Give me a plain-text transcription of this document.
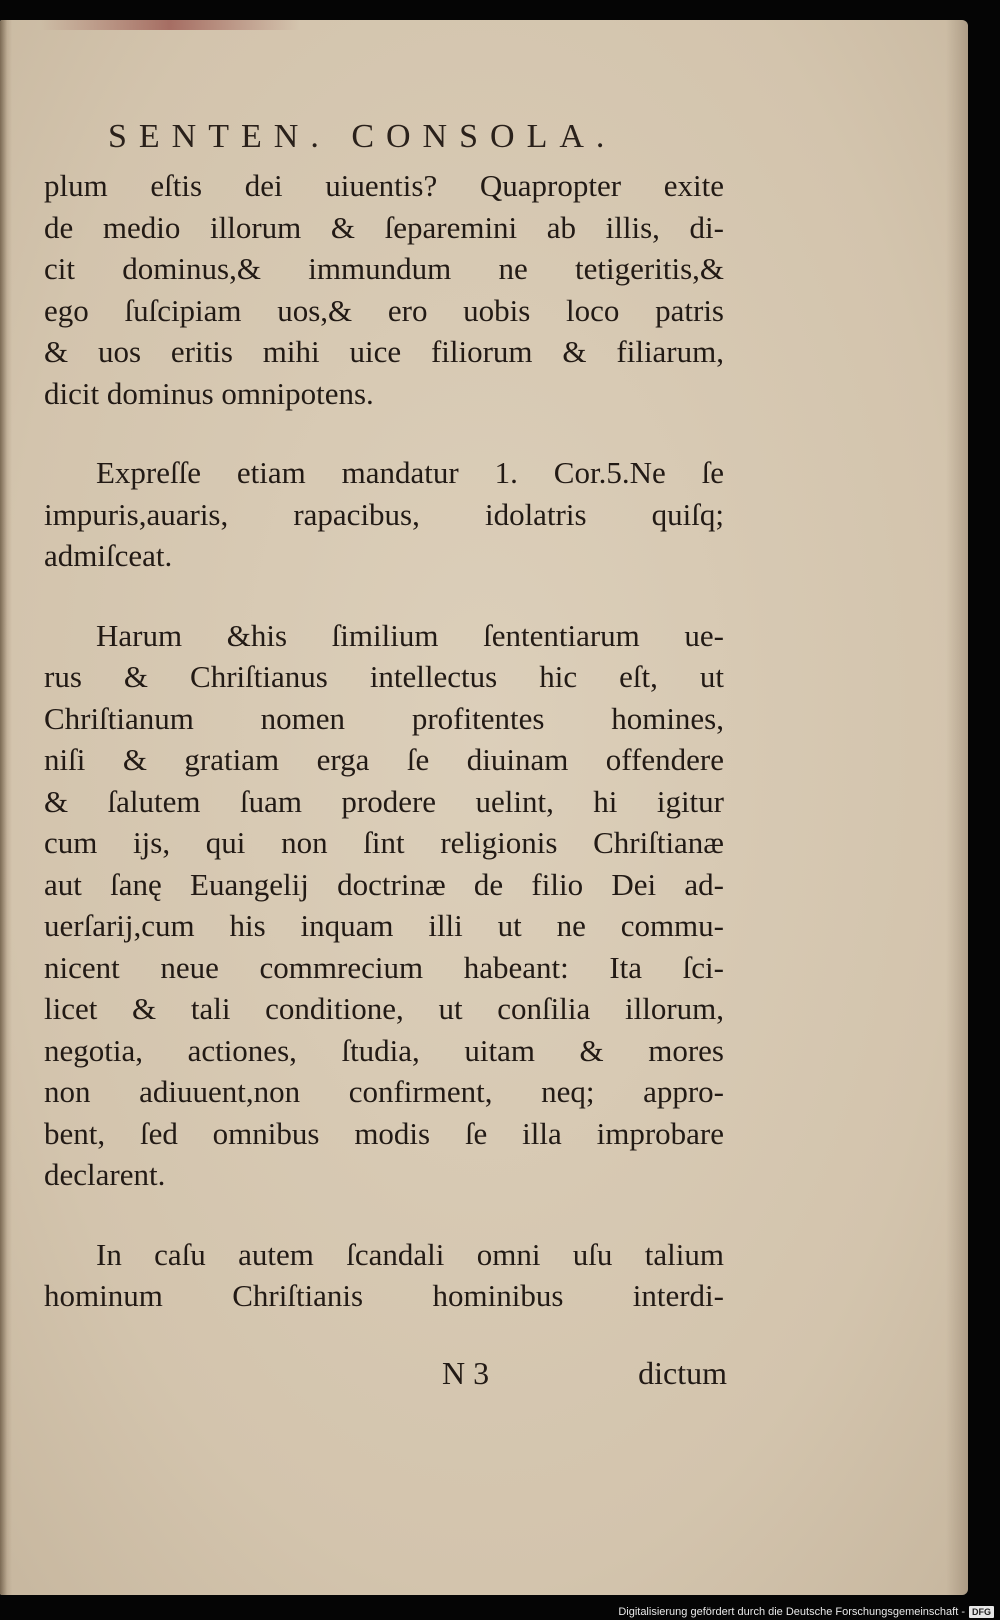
SENTEN. CONSOLA.
plum eſtis dei uiuentis? Quapropter exite
de medio illorum & ſeparemini ab illis, di-
cit dominus,& immundum ne tetigeritis,&
ego ſuſcipiam uos,& ero uobis loco patris
& uos eritis mihi uice filiorum & filiarum,
dicit dominus omnipotens.
Expreſſe etiam mandatur 1. Cor.5.Ne ſe
impuris,auaris, rapacibus, idolatris quiſq;
admiſceat.
Harum &his ſimilium ſententiarum ue-
rus & Chriſtianus intellectus hic eſt, ut
Chriſtianum nomen profitentes homines,
niſi & gratiam erga ſe diuinam offendere
& ſalutem ſuam prodere uelint, hi igitur
cum ijs, qui non ſint religionis Chriſtianæ
aut ſanę Euangelij doctrinæ de filio Dei ad-
uerſarij,cum his inquam illi ut ne commu-
nicent neue commrecium habeant: Ita ſci-
licet & tali conditione, ut conſilia illorum,
negotia, actiones, ſtudia, uitam & mores
non adiuuent,non confirment, neq; appro-
bent, ſed omnibus modis ſe illa improbare
declarent.
In caſu autem ſcandali omni uſu talium
hominum Chriſtianis hominibus interdi-
N 3	dictum
Digitalisierung gefördert durch die Deutsche Forschungsgemeinschaft - DFG
